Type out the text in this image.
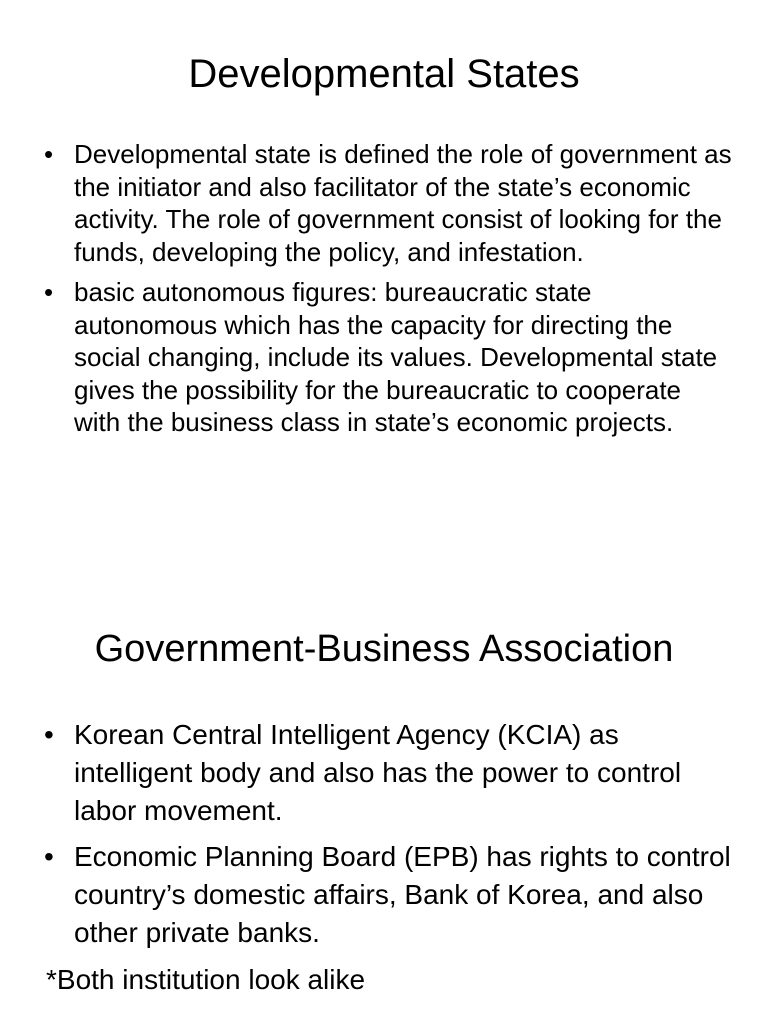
Developmental States
• Developmental state is defined the role of government as the initiator and also facilitator of the state’s economic activity. The role of government consist of looking for the funds, developing the policy, and infestation.
• basic autonomous figures: bureaucratic state autonomous which has the capacity for directing the social changing, include its values. Developmental state gives the possibility for the bureaucratic to cooperate with the business class in state’s economic projects.
Government-Business Association
• Korean Central Intelligent Agency (KCIA) as intelligent body and also has the power to control labor movement.
• Economic Planning Board (EPB) has rights to control country’s domestic affairs, Bank of Korea, and also other private banks.
*Both institution look alike
